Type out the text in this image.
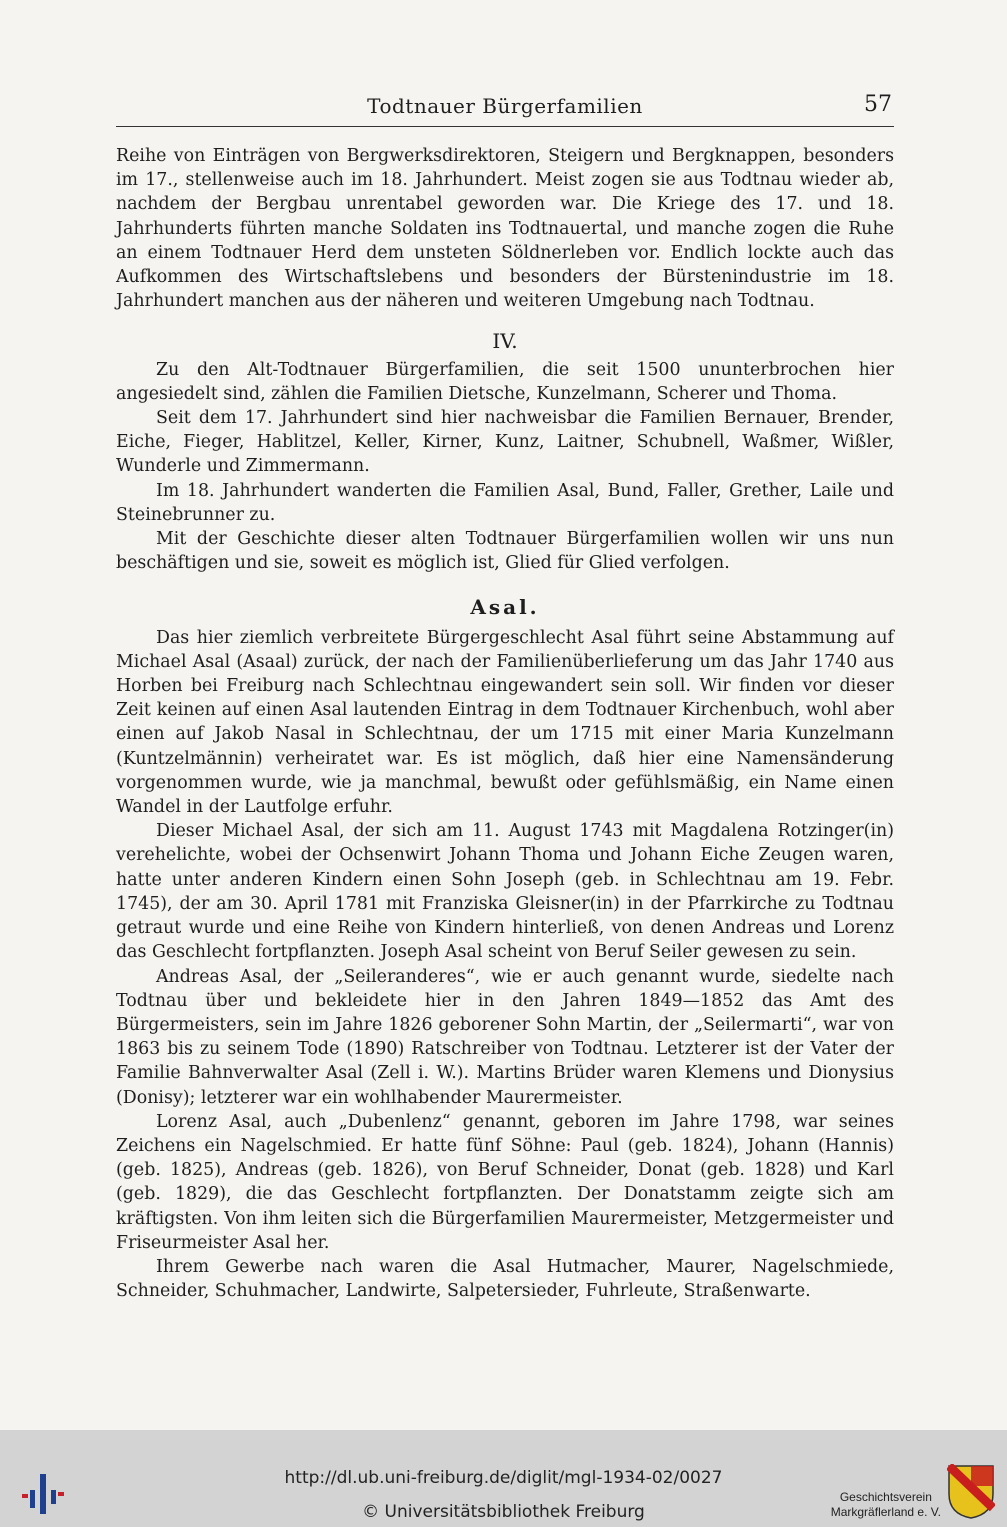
Todtnauer Bürgerfamilien	57

Reihe von Einträgen von Bergwerksdirektoren, Steigern und Bergknappen, besonders im 17., stellenweise auch im 18. Jahrhundert. Meist zogen sie aus Todtnau wieder ab, nachdem der Bergbau unrentabel geworden war. Die Kriege des 17. und 18. Jahrhunderts führten manche Soldaten ins Todtnauertal, und manche zogen die Ruhe an einem Todtnauer Herd dem unsteten Söldnerleben vor. Endlich lockte auch das Aufkommen des Wirtschaftslebens und besonders der Bürstenindustrie im 18. Jahrhundert manchen aus der näheren und weiteren Umgebung nach Todtnau.

IV.

Zu den Alt-Todtnauer Bürgerfamilien, die seit 1500 ununterbrochen hier angesiedelt sind, zählen die Familien Dietsche, Kunzelmann, Scherer und Thoma.

Seit dem 17. Jahrhundert sind hier nachweisbar die Familien Bernauer, Brender, Eiche, Fieger, Hablitzel, Keller, Kirner, Kunz, Laitner, Schubnell, Waßmer, Wißler, Wunderle und Zimmermann.

Im 18. Jahrhundert wanderten die Familien Asal, Bund, Faller, Grether, Laile und Steinebrunner zu.

Mit der Geschichte dieser alten Todtnauer Bürgerfamilien wollen wir uns nun beschäftigen und sie, soweit es möglich ist, Glied für Glied verfolgen.

Asal.

Das hier ziemlich verbreitete Bürgergeschlecht Asal führt seine Abstammung auf Michael Asal (Asaal) zurück, der nach der Familienüberlieferung um das Jahr 1740 aus Horben bei Freiburg nach Schlechtnau eingewandert sein soll. Wir finden vor dieser Zeit keinen auf einen Asal lautenden Eintrag in dem Todtnauer Kirchenbuch, wohl aber einen auf Jakob Nasal in Schlechtnau, der um 1715 mit einer Maria Kunzelmann (Kuntzelmännin) verheiratet war. Es ist möglich, daß hier eine Namensänderung vorgenommen wurde, wie ja manchmal, bewußt oder gefühlsmäßig, ein Name einen Wandel in der Lautfolge erfuhr.

Dieser Michael Asal, der sich am 11. August 1743 mit Magdalena Rotzinger(in) verehelichte, wobei der Ochsenwirt Johann Thoma und Johann Eiche Zeugen waren, hatte unter anderen Kindern einen Sohn Joseph (geb. in Schlechtnau am 19. Febr. 1745), der am 30. April 1781 mit Franziska Gleisner(in) in der Pfarrkirche zu Todtnau getraut wurde und eine Reihe von Kindern hinterließ, von denen Andreas und Lorenz das Geschlecht fortpflanzten. Joseph Asal scheint von Beruf Seiler gewesen zu sein.

Andreas Asal, der „Seileranderes“, wie er auch genannt wurde, siedelte nach Todtnau über und bekleidete hier in den Jahren 1849—1852 das Amt des Bürgermeisters, sein im Jahre 1826 geborener Sohn Martin, der „Seilermarti“, war von 1863 bis zu seinem Tode (1890) Ratschreiber von Todtnau. Letzterer ist der Vater der Familie Bahnverwalter Asal (Zell i. W.). Martins Brüder waren Klemens und Dionysius (Donisy); letzterer war ein wohlhabender Maurermeister.

Lorenz Asal, auch „Dubenlenz“ genannt, geboren im Jahre 1798, war seines Zeichens ein Nagelschmied. Er hatte fünf Söhne: Paul (geb. 1824), Johann (Hannis) (geb. 1825), Andreas (geb. 1826), von Beruf Schneider, Donat (geb. 1828) und Karl (geb. 1829), die das Geschlecht fortpflanzten. Der Donatstamm zeigte sich am kräftigsten. Von ihm leiten sich die Bürgerfamilien Maurermeister, Metzgermeister und Friseurmeister Asal her.

Ihrem Gewerbe nach waren die Asal Hutmacher, Maurer, Nagelschmiede, Schneider, Schuhmacher, Landwirte, Salpetersieder, Fuhrleute, Straßenwarte.

http://dl.ub.uni-freiburg.de/diglit/mgl-1934-02/0027
© Universitätsbibliothek Freiburg
Geschichtsverein
Markgräflerland e. V.
